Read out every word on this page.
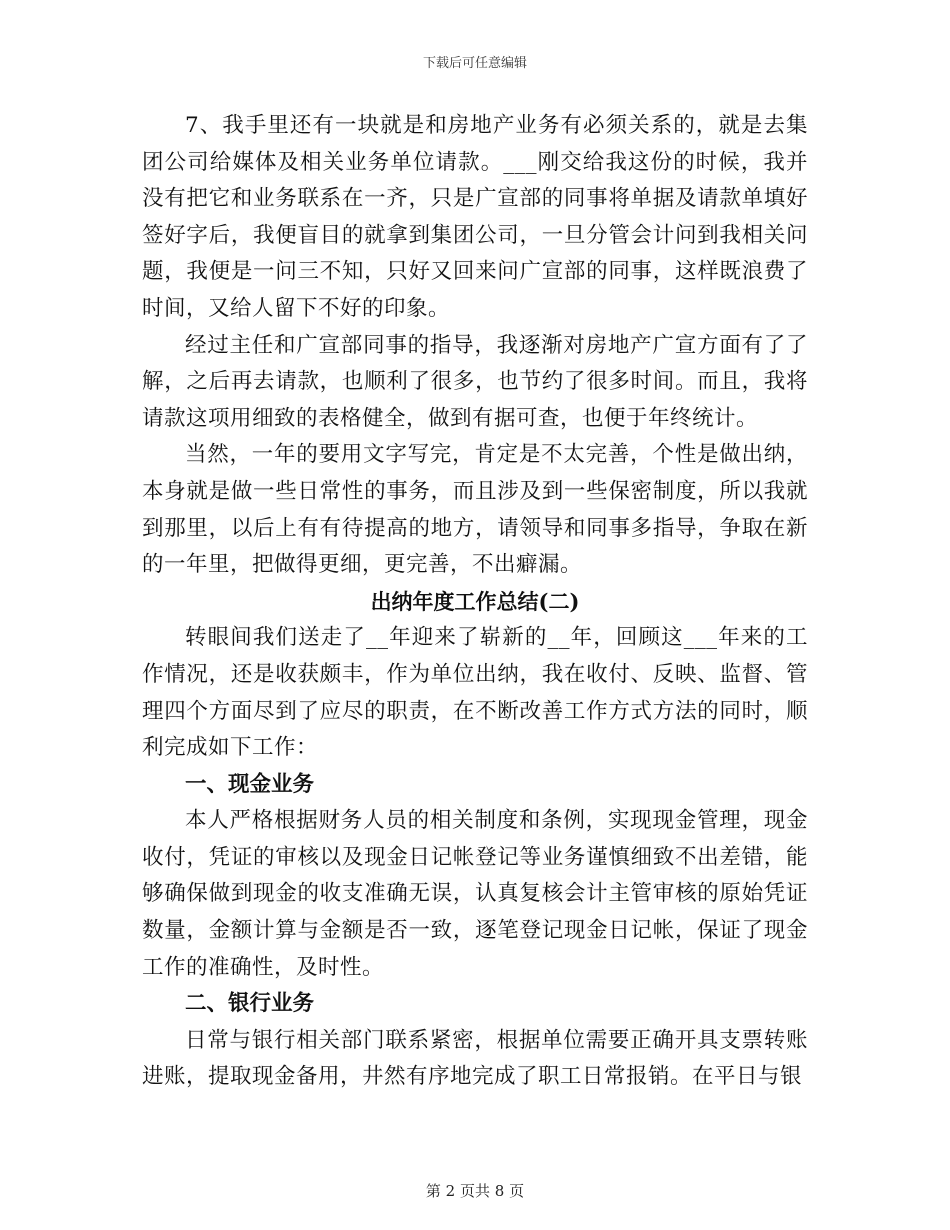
下载后可任意编辑

7、我手里还有一块就是和房地产业务有必须关系的，就是去集团公司给媒体及相关业务单位请款。___刚交给我这份的时候，我并没有把它和业务联系在一齐，只是广宣部的同事将单据及请款单填好签好字后，我便盲目的就拿到集团公司，一旦分管会计问到我相关问题，我便是一问三不知，只好又回来问广宣部的同事，这样既浪费了时间，又给人留下不好的印象。

经过主任和广宣部同事的指导，我逐渐对房地产广宣方面有了了解，之后再去请款，也顺利了很多，也节约了很多时间。而且，我将请款这项用细致的表格健全，做到有据可查，也便于年终统计。

当然，一年的要用文字写完，肯定是不太完善，个性是做出纳，本身就是做一些日常性的事务，而且涉及到一些保密制度，所以我就到那里，以后上有有待提高的地方，请领导和同事多指导，争取在新的一年里，把做得更细，更完善，不出癖漏。

出纳年度工作总结(二)

转眼间我们送走了__年迎来了崭新的__年，回顾这___年来的工作情况，还是收获颇丰，作为单位出纳，我在收付、反映、监督、管理四个方面尽到了应尽的职责，在不断改善工作方式方法的同时，顺利完成如下工作：

一、现金业务

本人严格根据财务人员的相关制度和条例，实现现金管理，现金收付，凭证的审核以及现金日记帐登记等业务谨慎细致不出差错，能够确保做到现金的收支准确无误，认真复核会计主管审核的原始凭证数量，金额计算与金额是否一致，逐笔登记现金日记帐，保证了现金工作的准确性，及时性。

二、银行业务

日常与银行相关部门联系紧密，根据单位需要正确开具支票转账进账，提取现金备用，井然有序地完成了职工日常报销。在平日与银

第 2 页共 8 页
